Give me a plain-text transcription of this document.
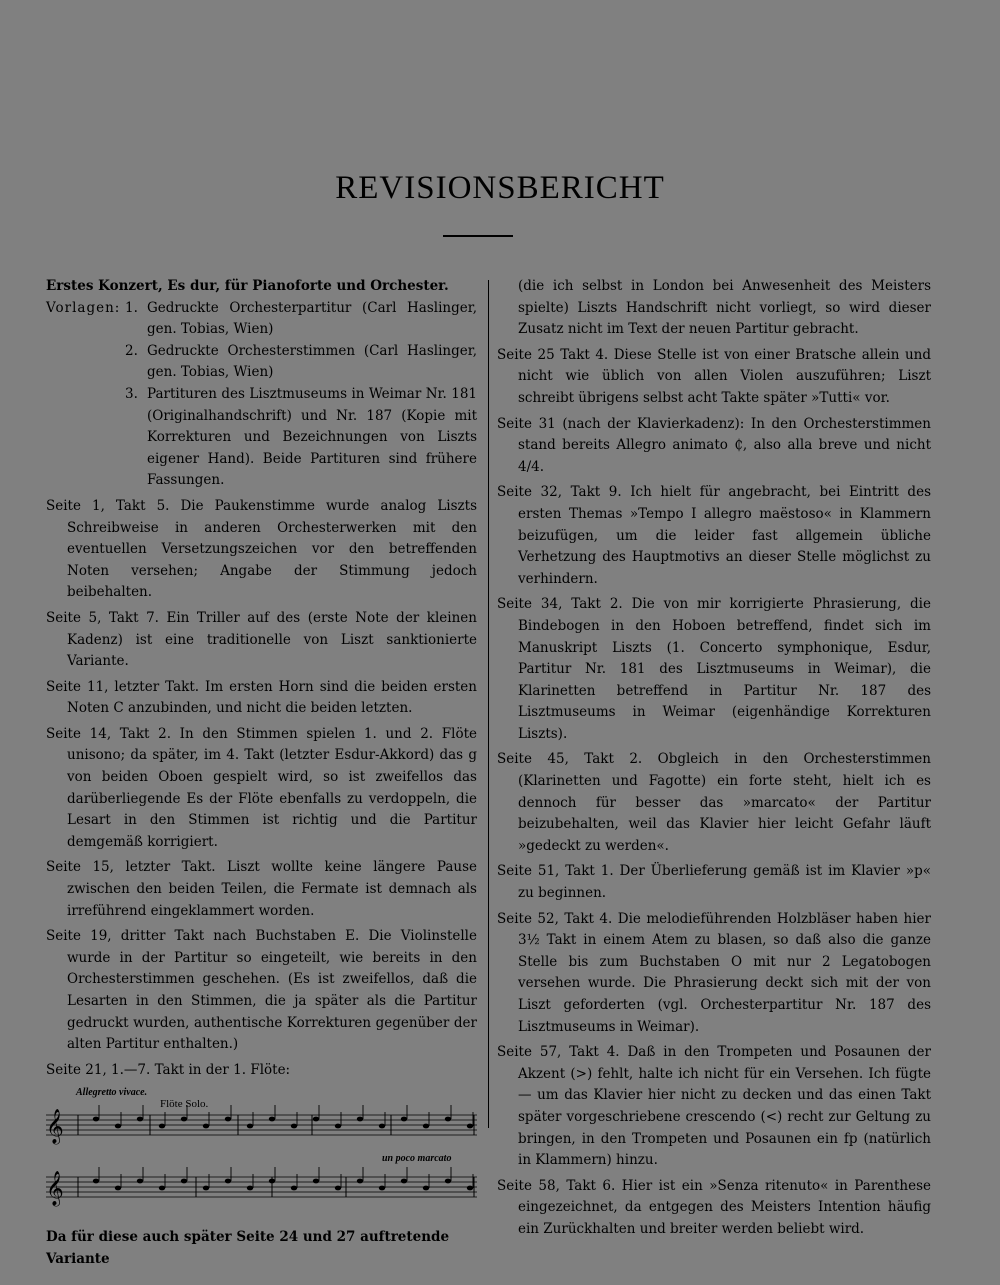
REVISIONSBERICHT

Erstes Konzert, Es dur, für Pianoforte und Orchester.

Vorlagen: 1. Gedruckte Orchesterpartitur (Carl Haslinger, gen. Tobias, Wien)
2. Gedruckte Orchesterstimmen (Carl Haslinger, gen. Tobias, Wien)
3. Partituren des Lisztmuseums in Weimar Nr. 181 (Originalhandschrift) und Nr. 187 (Kopie mit Korrekturen und Bezeichnungen von Liszts eigener Hand). Beide Partituren sind frühere Fassungen.

Seite 1, Takt 5. Die Paukenstimme wurde analog Liszts Schreibweise in anderen Orchesterwerken mit den eventuellen Versetzungszeichen vor den betreffenden Noten versehen; Angabe der Stimmung jedoch beibehalten.

Seite 5, Takt 7. Ein Triller auf des (erste Note der kleinen Kadenz) ist eine traditionelle von Liszt sanktionierte Variante.

Seite 11, letzter Takt. Im ersten Horn sind die beiden ersten Noten C anzubinden, und nicht die beiden letzten.

Seite 14, Takt 2. In den Stimmen spielen 1. und 2. Flöte unisono; da später, im 4. Takt (letzter Esdur-Akkord) das g von beiden Oboen gespielt wird, so ist zweifellos das darüberliegende Es der Flöte ebenfalls zu verdoppeln, die Lesart in den Stimmen ist richtig und die Partitur demgemäß korrigiert.

Seite 15, letzter Takt. Liszt wollte keine längere Pause zwischen den beiden Teilen, die Fermate ist demnach als irreführend eingeklammert worden.

Seite 19, dritter Takt nach Buchstaben E. Die Violinstelle wurde in der Partitur so eingeteilt, wie bereits in den Orchesterstimmen geschehen. (Es ist zweifellos, daß die Lesarten in den Stimmen, die ja später als die Partitur gedruckt wurden, authentische Korrekturen gegenüber der alten Partitur enthalten.)

Seite 21, 1.—7. Takt in der 1. Flöte:

Allegretto vivace.
Flöte Solo.
un poco marcato
𝄞
𝄞

Da für diese auch später Seite 24 und 27 auftretende Variante

(die ich selbst in London bei Anwesenheit des Meisters spielte) Liszts Handschrift nicht vorliegt, so wird dieser Zusatz nicht im Text der neuen Partitur gebracht.

Seite 25 Takt 4. Diese Stelle ist von einer Bratsche allein und nicht wie üblich von allen Violen auszuführen; Liszt schreibt übrigens selbst acht Takte später »Tutti« vor.

Seite 31 (nach der Klavierkadenz): In den Orchesterstimmen stand bereits Allegro animato ₵, also alla breve und nicht 4/4.

Seite 32, Takt 9. Ich hielt für angebracht, bei Eintritt des ersten Themas »Tempo I allegro maëstoso« in Klammern beizufügen, um die leider fast allgemein übliche Verhetzung des Hauptmotivs an dieser Stelle möglichst zu verhindern.

Seite 34, Takt 2. Die von mir korrigierte Phrasierung, die Bindebogen in den Hoboen betreffend, findet sich im Manuskript Liszts (1. Concerto symphonique, Esdur, Partitur Nr. 181 des Lisztmuseums in Weimar), die Klarinetten betreffend in Partitur Nr. 187 des Lisztmuseums in Weimar (eigenhändige Korrekturen Liszts).

Seite 45, Takt 2. Obgleich in den Orchesterstimmen (Klarinetten und Fagotte) ein forte steht, hielt ich es dennoch für besser das »marcato« der Partitur beizubehalten, weil das Klavier hier leicht Gefahr läuft »gedeckt zu werden«.

Seite 51, Takt 1. Der Überlieferung gemäß ist im Klavier »p« zu beginnen.

Seite 52, Takt 4. Die melodieführenden Holzbläser haben hier 3½ Takt in einem Atem zu blasen, so daß also die ganze Stelle bis zum Buchstaben O mit nur 2 Legatobogen versehen wurde. Die Phrasierung deckt sich mit der von Liszt geforderten (vgl. Orchesterpartitur Nr. 187 des Lisztmuseums in Weimar).

Seite 57, Takt 4. Daß in den Trompeten und Posaunen der Akzent (>) fehlt, halte ich nicht für ein Versehen. Ich fügte — um das Klavier hier nicht zu decken und das einen Takt später vorgeschriebene crescendo (<) recht zur Geltung zu bringen, in den Trompeten und Posaunen ein fp (natürlich in Klammern) hinzu.

Seite 58, Takt 6. Hier ist ein »Senza ritenuto« in Parenthese eingezeichnet, da entgegen des Meisters Intention häufig ein Zurückhalten und breiter werden beliebt wird.
